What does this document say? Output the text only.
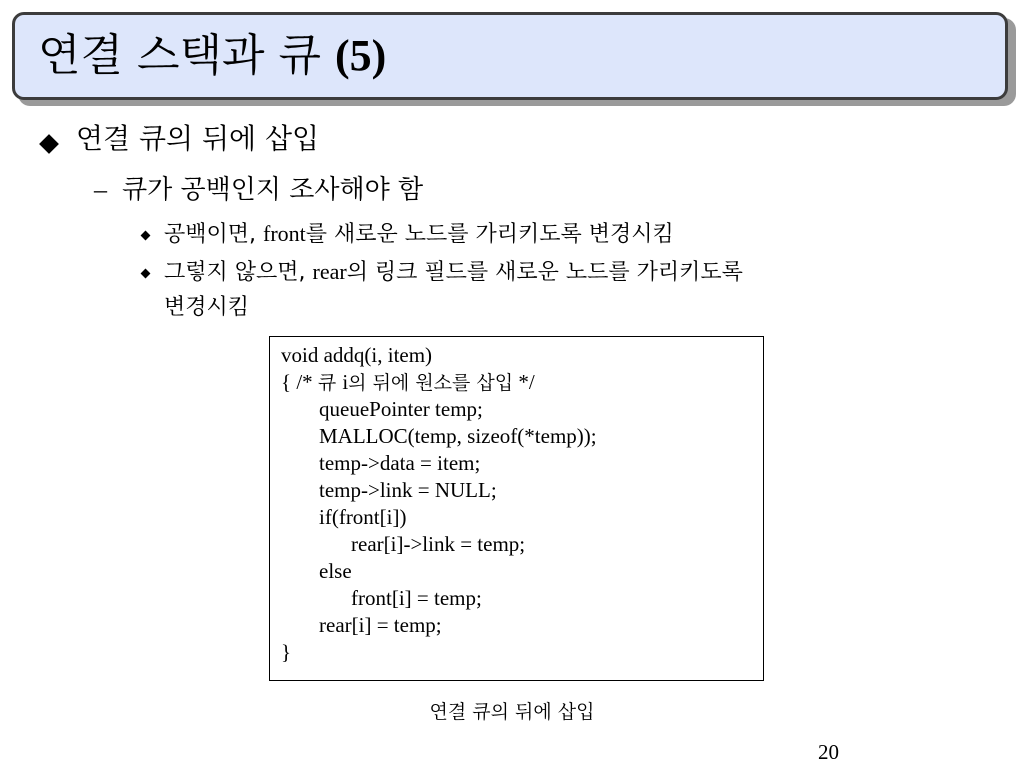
연결 스택과 큐 (5)
연결 큐의 뒤에 삽입
– 큐가 공백인지 조사해야 함
공백이면, front를 새로운 노드를 가리키도록 변경시킴
그렇지 않으면, rear의 링크 필드를 새로운 노드를 가리키도록
변경시킴
void addq(i, item)
{ /* 큐 i의 뒤에 원소를 삽입 */
queuePointer temp;
MALLOC(temp, sizeof(*temp));
temp->data = item;
temp->link = NULL;
if(front[i])
rear[i]->link = temp;
else
front[i] = temp;
rear[i] = temp;
}
연결 큐의 뒤에 삽입
20
